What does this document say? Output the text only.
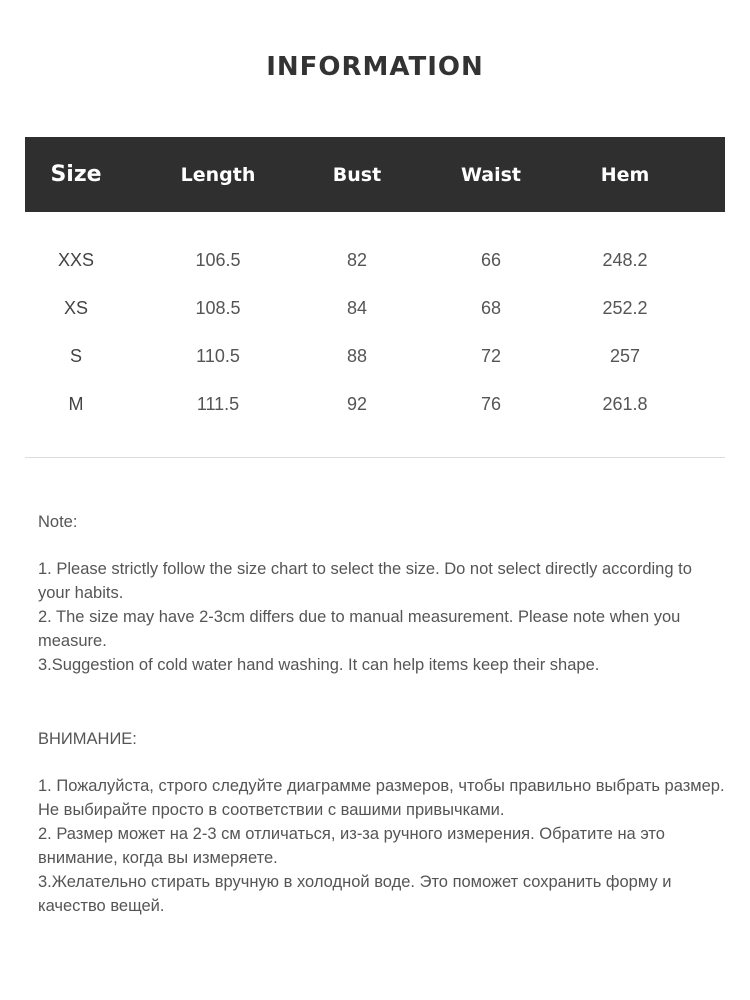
INFORMATION
Size	Length	Bust	Waist	Hem
XXS	106.5	82	66	248.2
XS	108.5	84	68	252.2
S	110.5	88	72	257
M	111.5	92	76	261.8
Note:

1. Please strictly follow the size chart to select the size. Do not select directly according to your habits.

2. The size may have 2-3cm differs due to manual measurement. Please note when you measure.

3.Suggestion of cold water hand washing. It can help items keep their shape.

ВНИМАНИЕ:

1. Пожалуйста, строго следуйте диаграмме размеров, чтобы правильно выбрать размер. Не выбирайте просто в соответствии с вашими привычками.

2. Размер может на 2-3 см отличаться, из-за ручного измерения. Обратите на это внимание, когда вы измеряете.

3.Желательно стирать вручную в холодной воде. Это поможет сохранить форму и качество вещей.
